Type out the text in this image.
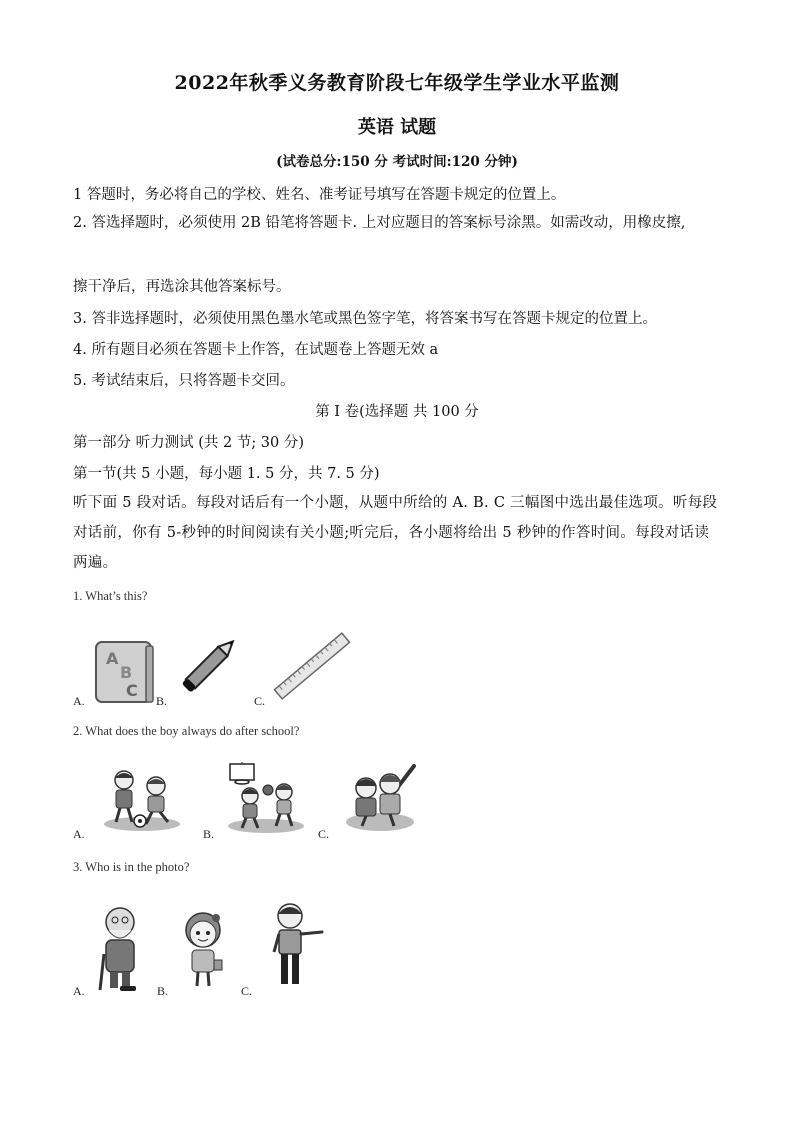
2022年秋季义务教育阶段七年级学生学业水平监测
英语 试题
(试卷总分:150 分 考试时间:120 分钟)
1 答题时，务必将自己的学校、姓名、准考证号填写在答题卡规定的位置上。
2. 答选择题时，必须使用 2B 铅笔将答题卡. 上对应题目的答案标号涂黑。如需改动，用橡皮擦,
擦干净后，再选涂其他答案标号。
3. 答非选择题时，必须使用黑色墨水笔或黑色签字笔，将答案书写在答题卡规定的位置上。
4. 所有题目必须在答题卡上作答，在试题卷上答题无效 a
5. 考试结束后，只将答题卡交回。
第 I 卷(选择题 共 100 分
第一部分 听力测试 (共 2 节; 30 分)
第一节(共 5 小题，每小题 1. 5 分，共 7. 5 分)
听下面 5 段对话。每段对话后有一个小题，从题中所给的 A. B. C 三幅图中选出最佳选项。听每段对话前，你有 5-秒钟的时间阅读有关小题;听完后，各小题将给出 5 秒钟的作答时间。每段对话读两遍。
1. What’s this?
A
B
C
A.	B.	C.
2. What does the boy always do after school?
A.	B.	C.
3. Who is in the photo?
A.	B.	C.
